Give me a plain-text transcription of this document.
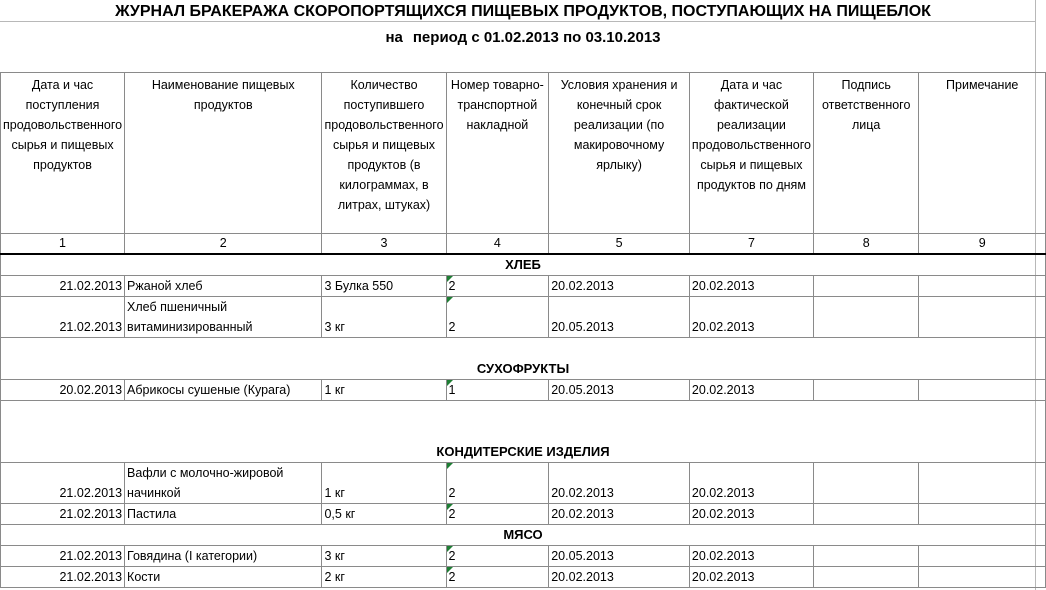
ЖУРНАЛ БРАКЕРАЖА СКОРОПОРТЯЩИХСЯ ПИЩЕВЫХ ПРОДУКТОВ, ПОСТУПАЮЩИХ НА ПИЩЕБЛОК
на период с 01.02.2013 по 03.10.2013
Дата и час поступления продовольственного сырья и пищевых продуктов	Наименование пищевых продуктов	Количество поступившего продовольственного сырья и пищевых продуктов (в килограммах, в литрах, штуках)	Номер товарно-транспортной накладной	Условия хранения и конечный срок реализации (по макировочному ярлыку)	Дата и час фактической реализации продовольственного сырья и пищевых продуктов по дням	Подпись ответственного лица	Примечание
1	2	3	4	5	7	8	9
ХЛЕБ							
21.02.2013	Ржаной хлеб	3 Булка 550	2	20.02.2013	20.02.2013		
21.02.2013	Хлеб пшеничный витаминизированный	3 кг	2	20.05.2013	20.02.2013		
СУХОФРУКТЫ							
20.02.2013	Абрикосы сушеные (Курага)	1 кг	1	20.05.2013	20.02.2013		
КОНДИТЕРСКИЕ ИЗДЕЛИЯ							
21.02.2013	Вафли с молочно-жировой начинкой	1 кг	2	20.02.2013	20.02.2013		
21.02.2013	Пастила	0,5 кг	2	20.02.2013	20.02.2013		
МЯСО							
21.02.2013	Говядина (I категории)	3 кг	2	20.05.2013	20.02.2013		
21.02.2013	Кости	2 кг	2	20.02.2013	20.02.2013		
